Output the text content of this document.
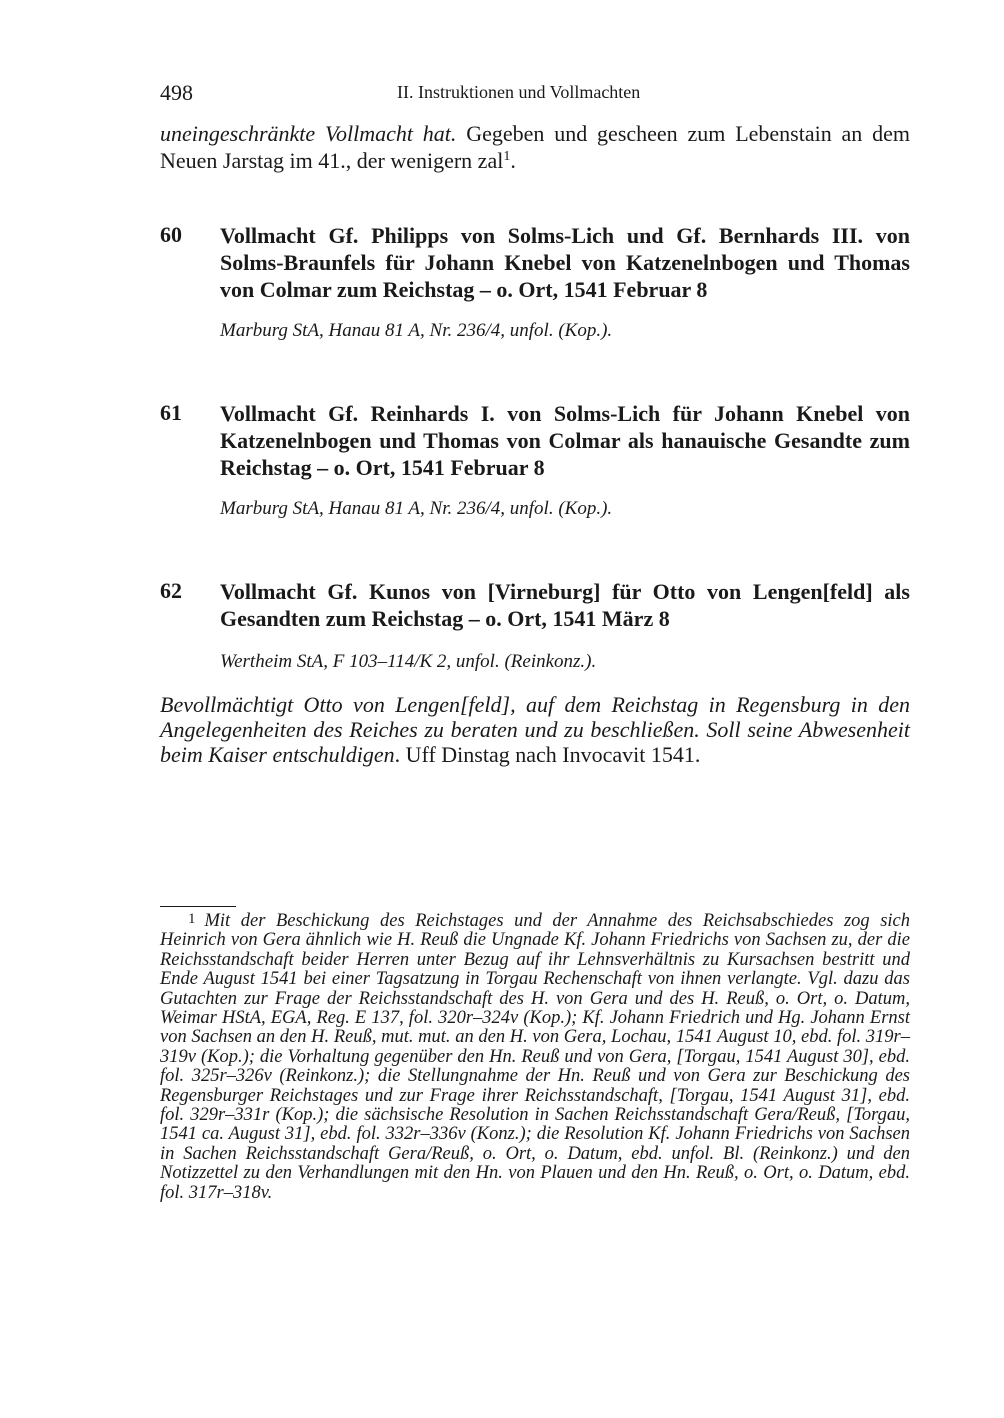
498	II. Instruktionen und Vollmachten

uneingeschränkte Vollmacht hat. Gegeben und gescheen zum Lebenstain an dem Neuen Jarstag im 41., der wenigern zal$^1$.

60 Vollmacht Gf. Philipps von Solms-Lich und Gf. Bernhards III. von Solms-Braunfels für Johann Knebel von Katzenelnbogen und Thomas von Colmar zum Reichstag – o. Ort, 1541 Februar 8
Marburg StA, Hanau 81 A, Nr. 236/4, unfol. (Kop.).
61 Vollmacht Gf. Reinhards I. von Solms-Lich für Johann Knebel von Katzenelnbogen und Thomas von Colmar als hanauische Gesandte zum Reichstag – o. Ort, 1541 Februar 8
Marburg StA, Hanau 81 A, Nr. 236/4, unfol. (Kop.).
62 Vollmacht Gf. Kunos von [Virneburg] für Otto von Lengen[feld] als Gesandten zum Reichstag – o. Ort, 1541 März 8
Wertheim StA, F 103–114/K 2, unfol. (Reinkonz.).

Bevollmächtigt Otto von Lengen[feld], auf dem Reichstag in Regensburg in den Angelegenheiten des Reiches zu beraten und zu beschließen. Soll seine Abwesenheit beim Kaiser entschuldigen. Uff Dinstag nach Invocavit 1541.

1 Mit der Beschickung des Reichstages und der Annahme des Reichsabschiedes zog sich Heinrich von Gera ähnlich wie H. Reuß die Ungnade Kf. Johann Friedrichs von Sachsen zu, der die Reichsstandschaft beider Herren unter Bezug auf ihr Lehnsverhältnis zu Kursachsen bestritt und Ende August 1541 bei einer Tagsatzung in Torgau Rechenschaft von ihnen verlangte. Vgl. dazu das Gutachten zur Frage der Reichsstandschaft des H. von Gera und des H. Reuß, o. Ort, o. Datum, Weimar HStA, EGA, Reg. E 137, fol. 320r–324v (Kop.); Kf. Johann Friedrich und Hg. Johann Ernst von Sachsen an den H. Reuß, mut. mut. an den H. von Gera, Lochau, 1541 August 10, ebd. fol. 319r–319v (Kop.); die Vorhaltung gegenüber den Hn. Reuß und von Gera, [Torgau, 1541 August 30], ebd. fol. 325r–326v (Reinkonz.); die Stellungnahme der Hn. Reuß und von Gera zur Beschickung des Regensburger Reichstages und zur Frage ihrer Reichsstandschaft, [Torgau, 1541 August 31], ebd. fol. 329r–331r (Kop.); die sächsische Resolution in Sachen Reichsstandschaft Gera/Reuß, [Torgau, 1541 ca. August 31], ebd. fol. 332r–336v (Konz.); die Resolution Kf. Johann Friedrichs von Sachsen in Sachen Reichsstandschaft Gera/Reuß, o. Ort, o. Datum, ebd. unfol. Bl. (Reinkonz.) und den Notizzettel zu den Verhandlungen mit den Hn. von Plauen und den Hn. Reuß, o. Ort, o. Datum, ebd. fol. 317r–318v.
